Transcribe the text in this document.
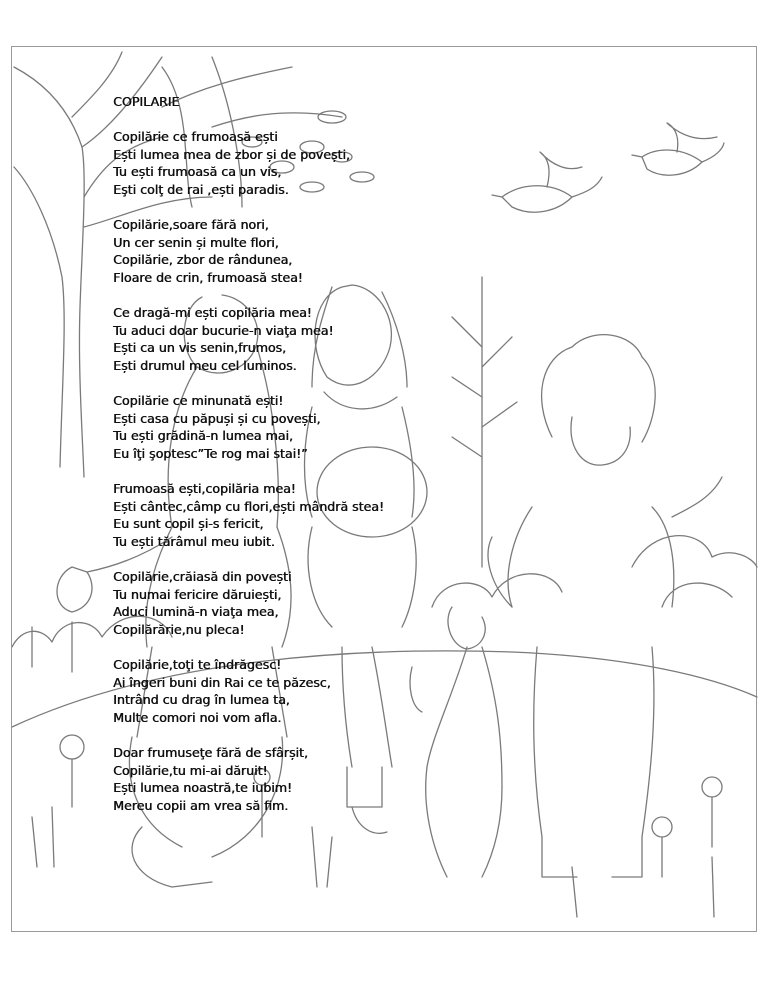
COPILARIE
Copilărie ce frumoasă ești
Ești lumea mea de zbor și de povești,
Tu ești frumoasă ca un vis,
Eşti colţ de rai ,ești paradis.
Copilărie,soare fără nori,
Un cer senin și multe flori,
Copilărie, zbor de rândunea,
Floare de crin, frumoasă stea!
Ce dragă-mi ești copilăria mea!
Tu aduci doar bucurie-n viaţa mea!
Ești ca un vis senin,frumos,
Ești drumul meu cel luminos.
Copilărie ce minunată ești!
Ești casa cu păpuși și cu povești,
Tu ești grădină-n lumea mai,
Eu îţi şoptesc”Te rog mai stai!”
Frumoasă ești,copilăria mea!
Ești cântec,câmp cu flori,ești mândră stea!
Eu sunt copil și-s fericit,
Tu ești tărâmul meu iubit.
Copilărie,crăiasă din povești
Tu numai fericire dăruiești,
Aduci lumină-n viaţa mea,
Copilărărie,nu pleca!
Copilărie,toţi te îndrăgesc!
Ai îngeri buni din Rai ce te păzesc,
Intrând cu drag în lumea ta,
Multe comori noi vom afla.
Doar frumuseţe fără de sfârșit,
Copilărie,tu mi-ai dăruit!
Ești lumea noastră,te iubim!
Mereu copii am vrea să fim.
